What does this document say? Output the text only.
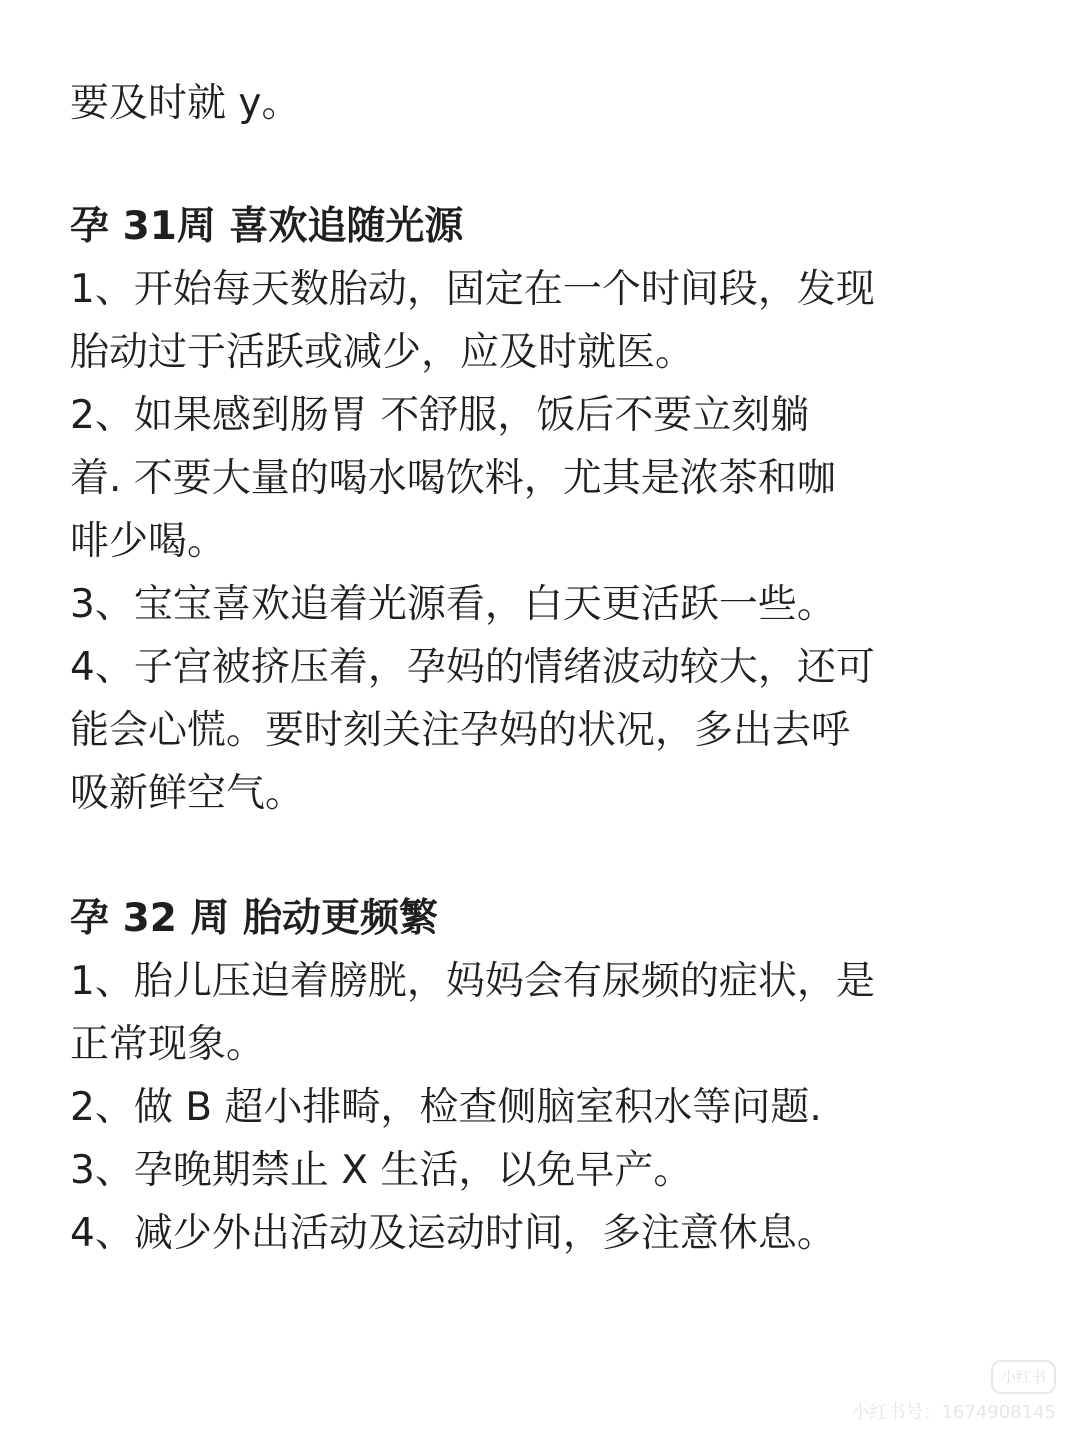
要及时就 y。
孕 31周 喜欢追随光源
1、开始每天数胎动，固定在一个时间段，发现
胎动过于活跃或减少，应及时就医。
2、如果感到肠胃 不舒服，饭后不要立刻躺
着. 不要大量的喝水喝饮料，尤其是浓茶和咖
啡少喝。
3、宝宝喜欢追着光源看，白天更活跃一些。
4、子宫被挤压着，孕妈的情绪波动较大，还可
能会心慌。要时刻关注孕妈的状况，多出去呼
吸新鲜空气。
孕 32 周 胎动更频繁
1、胎儿压迫着膀胱，妈妈会有尿频的症状，是
正常现象。
2、做 B 超小排畸，检查侧脑室积水等问题.
3、孕晚期禁止 X 生活，以免早产。
4、减少外出活动及运动时间，多注意休息。
小红书
小红书号：1674908145
